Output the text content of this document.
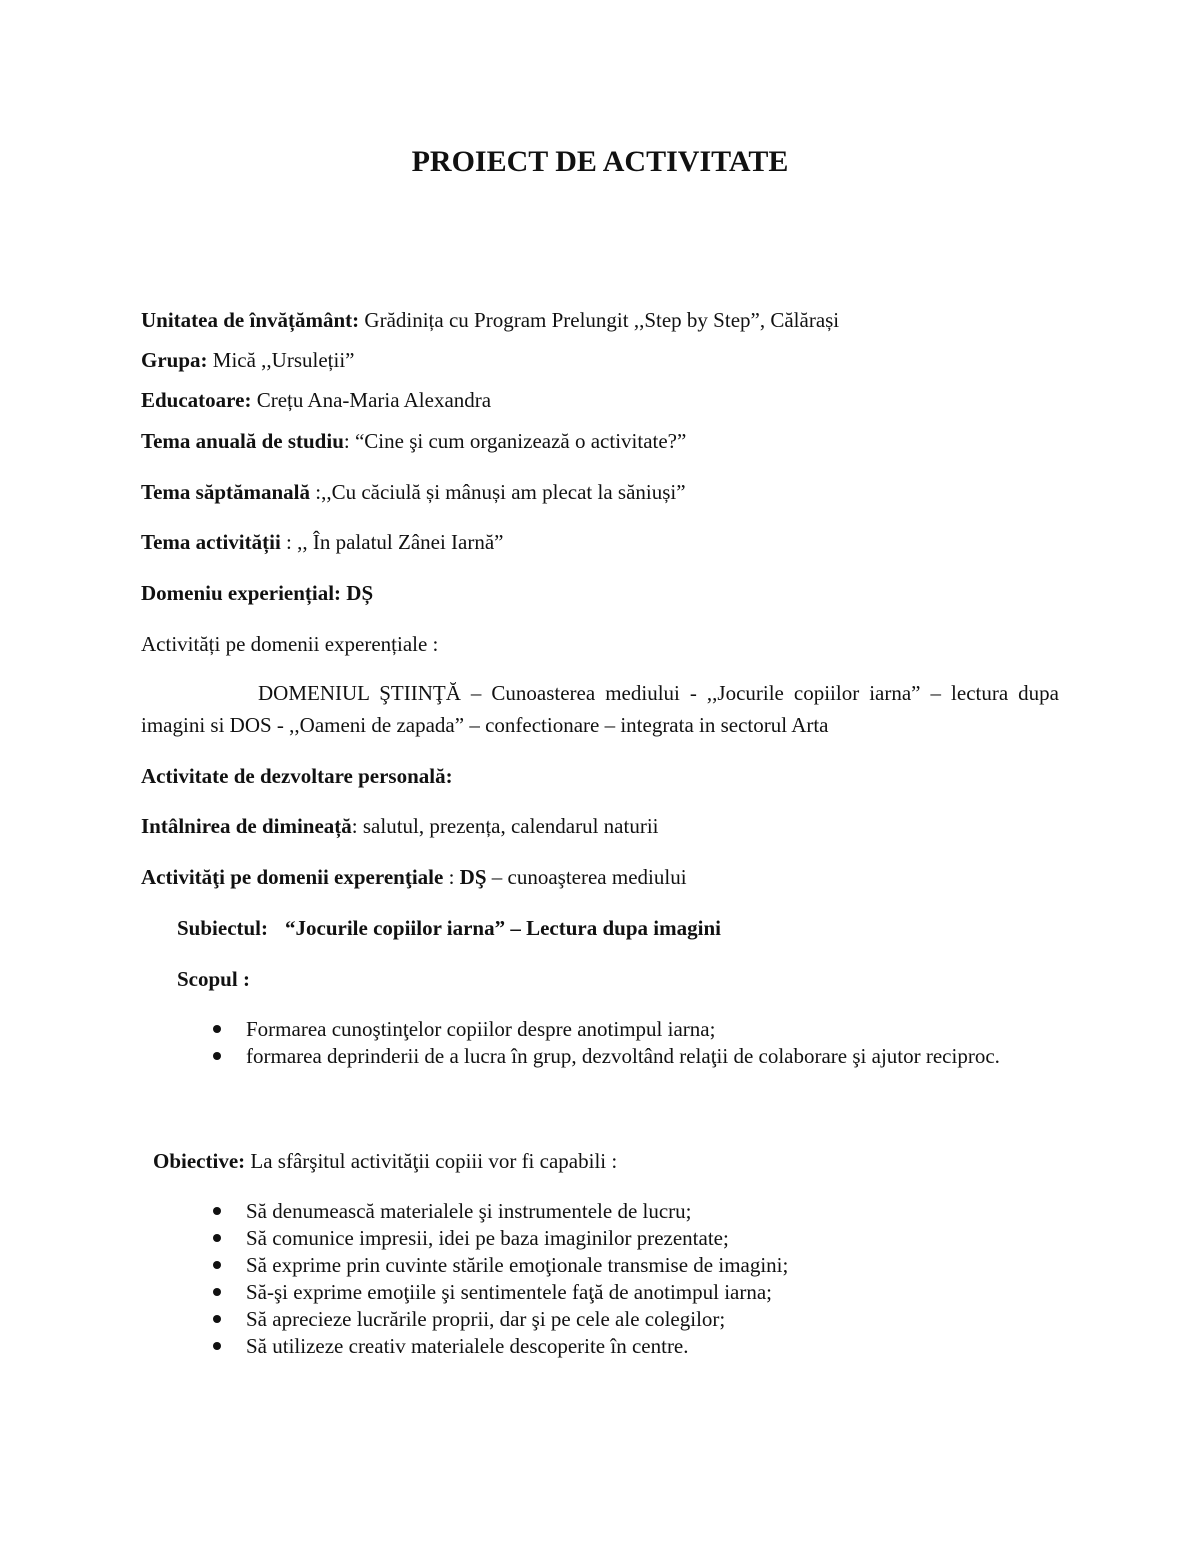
PROIECT DE ACTIVITATE
Unitatea de învățământ: Grădinița cu Program Prelungit ,,Step by Step”, Călărași
Grupa: Mică ,,Ursuleții”
Educatoare: Crețu Ana-Maria Alexandra
Tema anuală de studiu: “Cine şi cum organizează o activitate?”
Tema săptămanală :,,Cu căciulă și mânuși am plecat la săniuși”
Tema activității : ,, În palatul Zânei Iarnă”
Domeniu experiențial: DȘ
Activități pe domenii experențiale :
DOMENIUL ŞTIINŢĂ – Cunoasterea mediului - ,,Jocurile copiilor iarna” – lectura dupa imagini si DOS - ,,Oameni de zapada” – confectionare – integrata in sectorul Arta
Activitate de dezvoltare personală:
Intâlnirea de dimineață: salutul, prezența, calendarul naturii
Activităţi pe domenii experenţiale : DŞ – cunoaşterea mediului
Subiectul: “Jocurile copiilor iarna” – Lectura dupa imagini
Scopul :
Formarea cunoştinţelor copiilor despre anotimpul iarna;
formarea deprinderii de a lucra în grup, dezvoltând relaţii de colaborare şi ajutor reciproc.
Obiective: La sfârşitul activităţii copiii vor fi capabili :
Să denumească materialele şi instrumentele de lucru;
Să comunice impresii, idei pe baza imaginilor prezentate;
Să exprime prin cuvinte stările emoţionale transmise de imagini;
Să-şi exprime emoţiile şi sentimentele faţă de anotimpul iarna;
Să aprecieze lucrările proprii, dar şi pe cele ale colegilor;
Să utilizeze creativ materialele descoperite în centre.
